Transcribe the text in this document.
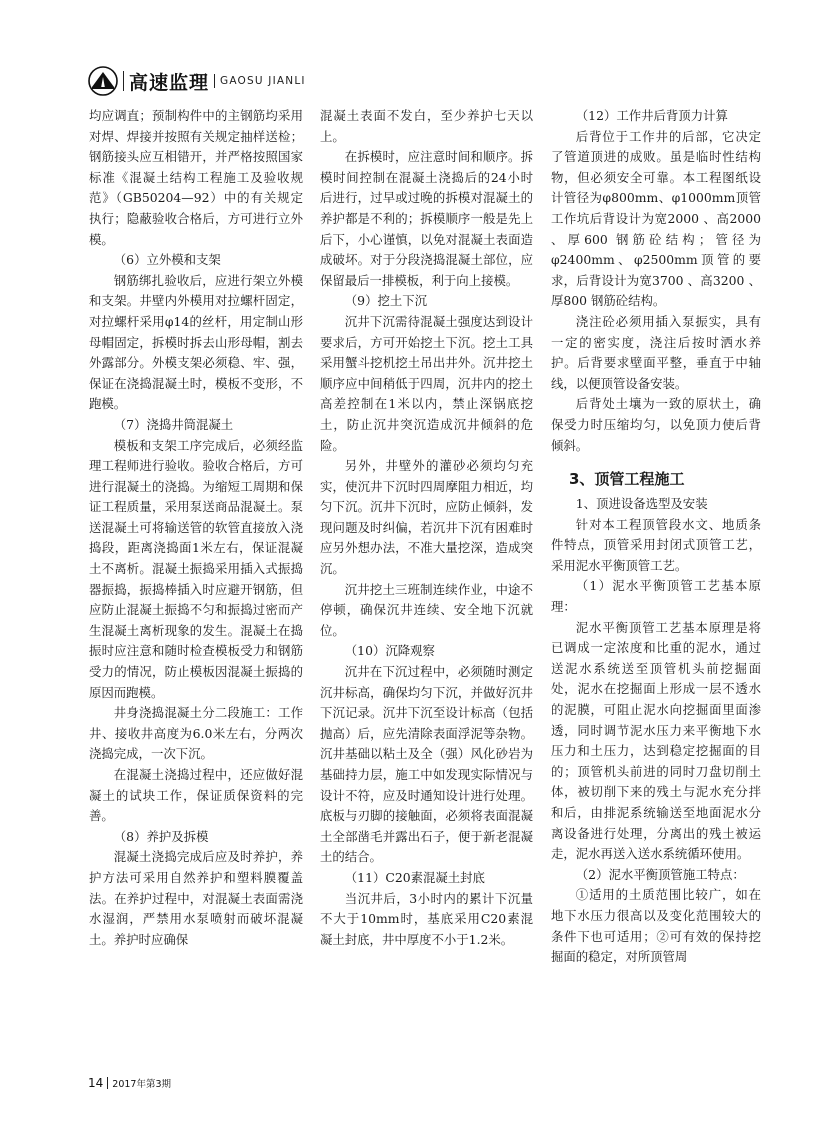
高速监理 GAOSU JIANLI

均应调直；预制构件中的主钢筋均采用对焊、焊接并按照有关规定抽样送检；钢筋接头应互相错开，并严格按照国家标准《混凝土结构工程施工及验收规范》（GB50204—92）中的有关规定执行；隐蔽验收合格后，方可进行立外模。

（6）立外模和支架

钢筋绑扎验收后，应进行架立外模和支架。井壁内外模用对拉螺杆固定，对拉螺杆采用φ14的丝杆，用定制山形母帽固定，拆模时拆去山形母帽，割去外露部分。外模支架必须稳、牢、强，保证在浇捣混凝土时，模板不变形，不跑模。

（7）浇捣井筒混凝土

模板和支架工序完成后，必须经监理工程师进行验收。验收合格后，方可进行混凝土的浇捣。为缩短工周期和保证工程质量，采用泵送商品混凝土。泵送混凝土可将输送管的软管直接放入浇捣段，距离浇捣面1米左右，保证混凝土不离析。混凝土振捣采用插入式振捣器振捣，振捣棒插入时应避开钢筋，但应防止混凝土振捣不匀和振捣过密而产生混凝土离析现象的发生。混凝土在捣振时应注意和随时检查模板受力和钢筋受力的情况，防止模板因混凝土振捣的原因而跑模。

井身浇捣混凝土分二段施工：工作井、接收井高度为6.0米左右，分两次浇捣完成，一次下沉。

在混凝土浇捣过程中，还应做好混凝土的试块工作，保证质保资料的完善。

（8）养护及拆模

混凝土浇捣完成后应及时养护，养护方法可采用自然养护和塑料膜覆盖法。在养护过程中，对混凝土表面需浇水湿润，严禁用水泵喷射而破坏混凝土。养护时应确保

混凝土表面不发白，至少养护七天以上。

在拆模时，应注意时间和顺序。拆模时间控制在混凝土浇捣后的24小时后进行，过早或过晚的拆模对混凝土的养护都是不利的；拆模顺序一般是先上后下，小心谨慎，以免对混凝土表面造成破坏。对于分段浇捣混凝土部位，应保留最后一排模板，利于向上接模。

（9）挖土下沉

沉井下沉需待混凝土强度达到设计要求后，方可开始挖土下沉。挖土工具采用蟹斗挖机挖土吊出井外。沉井挖土顺序应中间稍低于四周，沉井内的挖土高差控制在1米以内，禁止深锅底挖土，防止沉井突沉造成沉井倾斜的危险。

另外，井壁外的灌砂必须均匀充实，使沉井下沉时四周摩阻力相近，均匀下沉。沉井下沉时，应防止倾斜，发现问题及时纠偏，若沉井下沉有困难时应另外想办法，不准大量挖深，造成突沉。

沉井挖土三班制连续作业，中途不停顿，确保沉井连续、安全地下沉就位。

（10）沉降观察

沉井在下沉过程中，必须随时测定沉井标高，确保均匀下沉，并做好沉井下沉记录。沉井下沉至设计标高（包括抛高）后，应先清除表面浮泥等杂物。沉井基础以粘土及全（强）风化砂岩为基础持力层，施工中如发现实际情况与设计不符，应及时通知设计进行处理。底板与刃脚的接触面，必须将表面混凝土全部凿毛并露出石子，便于新老混凝土的结合。

（11）C20素混凝土封底

当沉井后，3小时内的累计下沉量不大于10mm时，基底采用C20素混凝土封底，井中厚度不小于1.2米。

（12）工作井后背顶力计算

后背位于工作井的后部，它决定了管道顶进的成败。虽是临时性结构物，但必须安全可靠。本工程图纸设计管径为φ800mm、φ1000mm顶管工作坑后背设计为宽2000 、高2000 、厚600 钢筋砼结构；管径为φ2400mm、φ2500mm顶管的要求，后背设计为宽3700 、高3200 、厚800 钢筋砼结构。

浇注砼必须用插入泵振实，具有一定的密实度，浇注后按时洒水养护。后背要求壁面平整，垂直于中轴线，以便顶管设备安装。

后背处土壤为一致的原状土，确保受力时压缩均匀，以免顶力使后背倾斜。

3、顶管工程施工

1、顶进设备选型及安装

针对本工程顶管段水文、地质条件特点，顶管采用封闭式顶管工艺，采用泥水平衡顶管工艺。

（1）泥水平衡顶管工艺基本原理：

泥水平衡顶管工艺基本原理是将已调成一定浓度和比重的泥水，通过送泥水系统送至顶管机头前挖掘面处，泥水在挖掘面上形成一层不透水的泥膜，可阻止泥水向挖掘面里面渗透，同时调节泥水压力来平衡地下水压力和土压力，达到稳定挖掘面的目的；顶管机头前进的同时刀盘切削土体，被切削下来的残土与泥水充分拌和后，由排泥系统输送至地面泥水分离设备进行处理，分离出的残土被运走，泥水再送入送水系统循环使用。

（2）泥水平衡顶管施工特点：

①适用的土质范围比较广，如在地下水压力很高以及变化范围较大的条件下也可适用；②可有效的保持挖掘面的稳定，对所顶管周

14 2017年第3期
